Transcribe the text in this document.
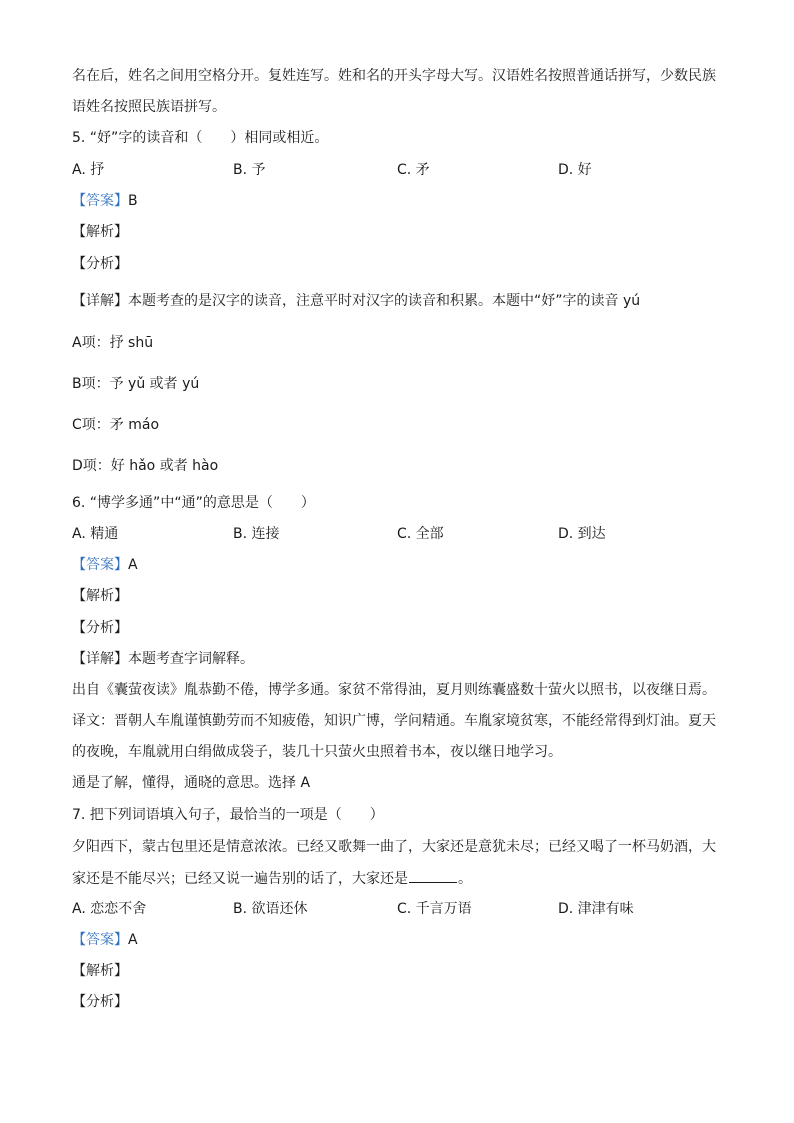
名在后，姓名之间用空格分开。复姓连写。姓和名的开头字母大写。汉语姓名按照普通话拼写，少数民族
语姓名按照民族语拼写。
5. “妤”字的读音和（　　）相同或相近。
A. 抒	B. 予	C. 矛	D. 好
【答案】B
【解析】
【分析】
【详解】本题考查的是汉字的读音，注意平时对汉字的读音和积累。本题中“妤”字的读音 yú
A项：抒 shū
B项：予 yǔ 或者 yú
C项：矛 máo
D项：好 hǎo 或者 hào
6. “博学多通”中“通”的意思是（　　）
A. 精通	B. 连接	C. 全部	D. 到达
【答案】A
【解析】
【分析】
【详解】本题考查字词解释。
出自《囊萤夜读》胤恭勤不倦，博学多通。家贫不常得油，夏月则练囊盛数十萤火以照书，以夜继日焉。
译文：晋朝人车胤谨慎勤劳而不知疲倦，知识广博，学问精通。车胤家境贫寒，不能经常得到灯油。夏天
的夜晚，车胤就用白绢做成袋子，装几十只萤火虫照着书本，夜以继日地学习。
通是了解，懂得，通晓的意思。选择 A
7. 把下列词语填入句子，最恰当的一项是（　　）
夕阳西下，蒙古包里还是情意浓浓。已经又歌舞一曲了，大家还是意犹未尽；已经又喝了一杯马奶酒，大
家还是不能尽兴；已经又说一遍告别的话了，大家还是	。
A. 恋恋不舍	B. 欲语还休	C. 千言万语	D. 津津有味
【答案】A
【解析】
【分析】
